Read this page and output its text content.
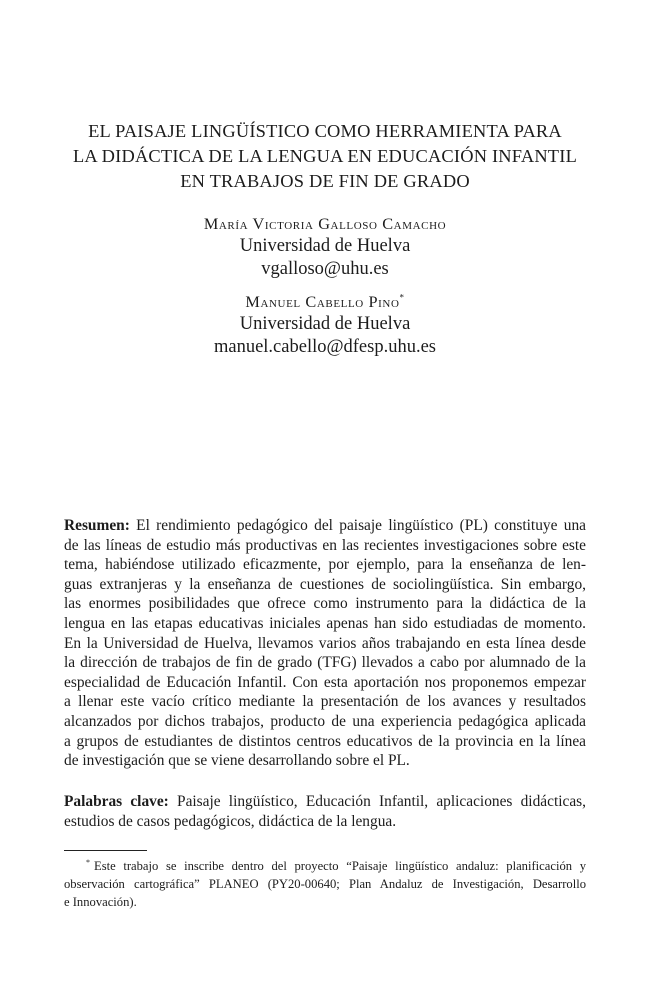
EL PAISAJE LINGÜÍSTICO COMO HERRAMIENTA PARA
LA DIDÁCTICA DE LA LENGUA EN EDUCACIÓN INFANTIL
EN TRABAJOS DE FIN DE GRADO
María Victoria Galloso Camacho
Universidad de Huelva
vgalloso@uhu.es
Manuel Cabello Pino*
Universidad de Huelva
manuel.cabello@dfesp.uhu.es
Resumen: El rendimiento pedagógico del paisaje lingüístico (PL) constituye una
de las líneas de estudio más productivas en las recientes investigaciones sobre este
tema, habiéndose utilizado eficazmente, por ejemplo, para la enseñanza de len-
guas extranjeras y la enseñanza de cuestiones de sociolingüística. Sin embargo,
las enormes posibilidades que ofrece como instrumento para la didáctica de la
lengua en las etapas educativas iniciales apenas han sido estudiadas de momento.
En la Universidad de Huelva, llevamos varios años trabajando en esta línea desde
la dirección de trabajos de fin de grado (TFG) llevados a cabo por alumnado de la
especialidad de Educación Infantil. Con esta aportación nos proponemos empezar
a llenar este vacío crítico mediante la presentación de los avances y resultados
alcanzados por dichos trabajos, producto de una experiencia pedagógica aplicada
a grupos de estudiantes de distintos centros educativos de la provincia en la línea
de investigación que se viene desarrollando sobre el PL.
Palabras clave: Paisaje lingüístico, Educación Infantil, aplicaciones didácticas,
estudios de casos pedagógicos, didáctica de la lengua.
* Este trabajo se inscribe dentro del proyecto “Paisaje lingüístico andaluz: planificación y
observación cartográfica” PLANEO (PY20-00640; Plan Andaluz de Investigación, Desarrollo
e Innovación).
